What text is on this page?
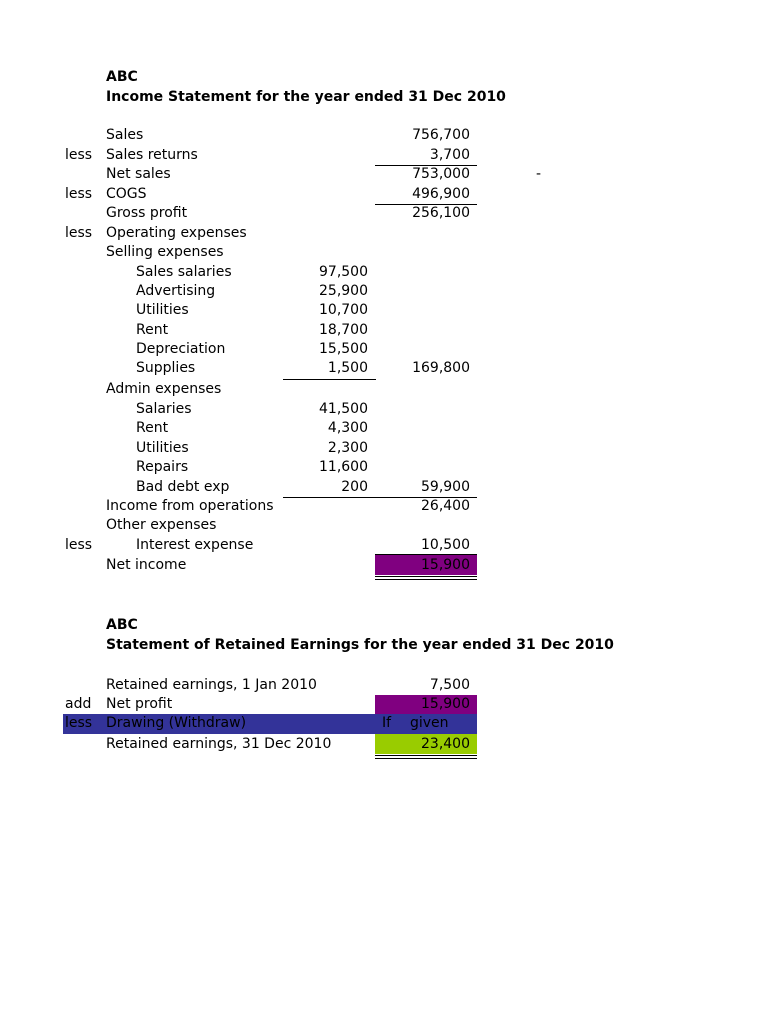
ABC
Income Statement for the year ended 31 Dec 2010
Sales	756,700
less Sales returns	3,700
Net sales	753,000	-
less COGS	496,900
Gross profit	256,100
less Operating expenses
Selling expenses
Sales salaries	97,500
Advertising	25,900
Utilities	10,700
Rent	18,700
Depreciation	15,500
Supplies	1,500	169,800
Admin expenses
Salaries	41,500
Rent	4,300
Utilities	2,300
Repairs	11,600
Bad debt exp	200	59,900
Income from operations	26,400
Other expenses
less	Interest expense	10,500
Net income	15,900
ABC
Statement of Retained Earnings for the year ended 31 Dec 2010
Retained earnings, 1 Jan 2010	7,500
add Net profit	15,900
less Drawing (Withdraw)	If given
Retained earnings, 31 Dec 2010	23,400
